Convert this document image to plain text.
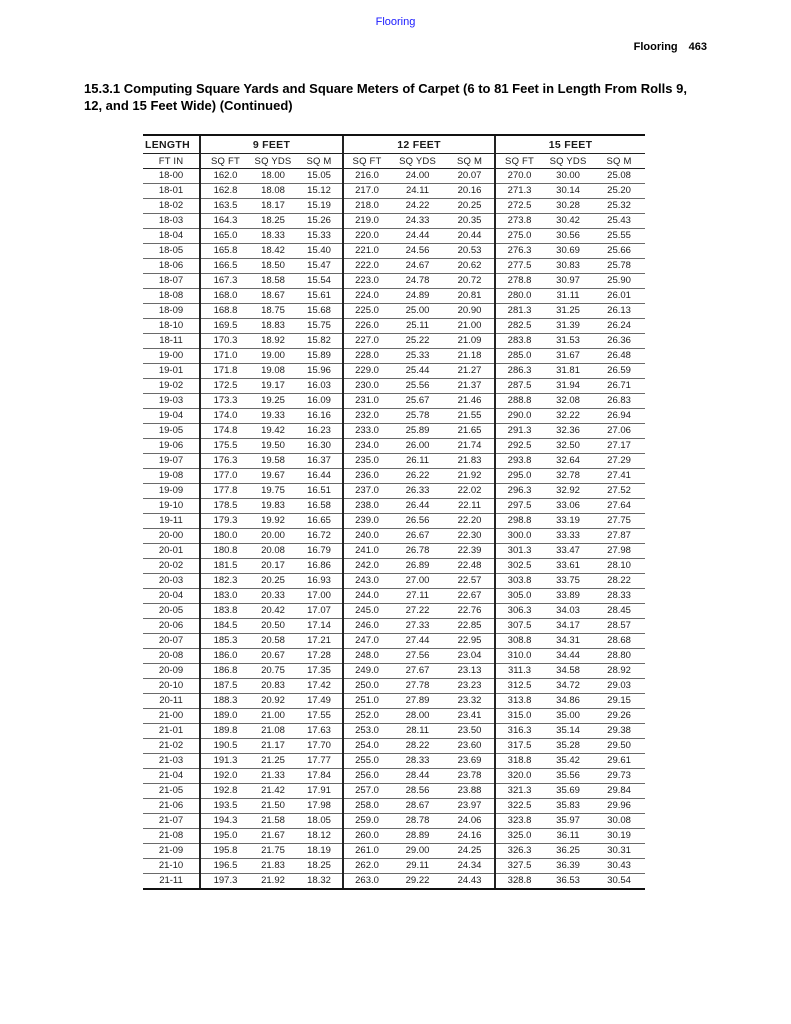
Flooring
Flooring 463
15.3.1 Computing Square Yards and Square Meters of Carpet (6 to 81 Feet in Length From Rolls 9, 12, and 15 Feet Wide) (Continued)
LENGTH	9 FEET			12 FEET			15 FEET		
FT IN	SQ FT	SQ YDS	SQ M	SQ FT	SQ YDS	SQ M	SQ FT	SQ YDS	SQ M
18-00	162.0	18.00	15.05	216.0	24.00	20.07	270.0	30.00	25.08
18-01	162.8	18.08	15.12	217.0	24.11	20.16	271.3	30.14	25.20
18-02	163.5	18.17	15.19	218.0	24.22	20.25	272.5	30.28	25.32
18-03	164.3	18.25	15.26	219.0	24.33	20.35	273.8	30.42	25.43
18-04	165.0	18.33	15.33	220.0	24.44	20.44	275.0	30.56	25.55
18-05	165.8	18.42	15.40	221.0	24.56	20.53	276.3	30.69	25.66
18-06	166.5	18.50	15.47	222.0	24.67	20.62	277.5	30.83	25.78
18-07	167.3	18.58	15.54	223.0	24.78	20.72	278.8	30.97	25.90
18-08	168.0	18.67	15.61	224.0	24.89	20.81	280.0	31.11	26.01
18-09	168.8	18.75	15.68	225.0	25.00	20.90	281.3	31.25	26.13
18-10	169.5	18.83	15.75	226.0	25.11	21.00	282.5	31.39	26.24
18-11	170.3	18.92	15.82	227.0	25.22	21.09	283.8	31.53	26.36
19-00	171.0	19.00	15.89	228.0	25.33	21.18	285.0	31.67	26.48
19-01	171.8	19.08	15.96	229.0	25.44	21.27	286.3	31.81	26.59
19-02	172.5	19.17	16.03	230.0	25.56	21.37	287.5	31.94	26.71
19-03	173.3	19.25	16.09	231.0	25.67	21.46	288.8	32.08	26.83
19-04	174.0	19.33	16.16	232.0	25.78	21.55	290.0	32.22	26.94
19-05	174.8	19.42	16.23	233.0	25.89	21.65	291.3	32.36	27.06
19-06	175.5	19.50	16.30	234.0	26.00	21.74	292.5	32.50	27.17
19-07	176.3	19.58	16.37	235.0	26.11	21.83	293.8	32.64	27.29
19-08	177.0	19.67	16.44	236.0	26.22	21.92	295.0	32.78	27.41
19-09	177.8	19.75	16.51	237.0	26.33	22.02	296.3	32.92	27.52
19-10	178.5	19.83	16.58	238.0	26.44	22.11	297.5	33.06	27.64
19-11	179.3	19.92	16.65	239.0	26.56	22.20	298.8	33.19	27.75
20-00	180.0	20.00	16.72	240.0	26.67	22.30	300.0	33.33	27.87
20-01	180.8	20.08	16.79	241.0	26.78	22.39	301.3	33.47	27.98
20-02	181.5	20.17	16.86	242.0	26.89	22.48	302.5	33.61	28.10
20-03	182.3	20.25	16.93	243.0	27.00	22.57	303.8	33.75	28.22
20-04	183.0	20.33	17.00	244.0	27.11	22.67	305.0	33.89	28.33
20-05	183.8	20.42	17.07	245.0	27.22	22.76	306.3	34.03	28.45
20-06	184.5	20.50	17.14	246.0	27.33	22.85	307.5	34.17	28.57
20-07	185.3	20.58	17.21	247.0	27.44	22.95	308.8	34.31	28.68
20-08	186.0	20.67	17.28	248.0	27.56	23.04	310.0	34.44	28.80
20-09	186.8	20.75	17.35	249.0	27.67	23.13	311.3	34.58	28.92
20-10	187.5	20.83	17.42	250.0	27.78	23.23	312.5	34.72	29.03
20-11	188.3	20.92	17.49	251.0	27.89	23.32	313.8	34.86	29.15
21-00	189.0	21.00	17.55	252.0	28.00	23.41	315.0	35.00	29.26
21-01	189.8	21.08	17.63	253.0	28.11	23.50	316.3	35.14	29.38
21-02	190.5	21.17	17.70	254.0	28.22	23.60	317.5	35.28	29.50
21-03	191.3	21.25	17.77	255.0	28.33	23.69	318.8	35.42	29.61
21-04	192.0	21.33	17.84	256.0	28.44	23.78	320.0	35.56	29.73
21-05	192.8	21.42	17.91	257.0	28.56	23.88	321.3	35.69	29.84
21-06	193.5	21.50	17.98	258.0	28.67	23.97	322.5	35.83	29.96
21-07	194.3	21.58	18.05	259.0	28.78	24.06	323.8	35.97	30.08
21-08	195.0	21.67	18.12	260.0	28.89	24.16	325.0	36.11	30.19
21-09	195.8	21.75	18.19	261.0	29.00	24.25	326.3	36.25	30.31
21-10	196.5	21.83	18.25	262.0	29.11	24.34	327.5	36.39	30.43
21-11	197.3	21.92	18.32	263.0	29.22	24.43	328.8	36.53	30.54
